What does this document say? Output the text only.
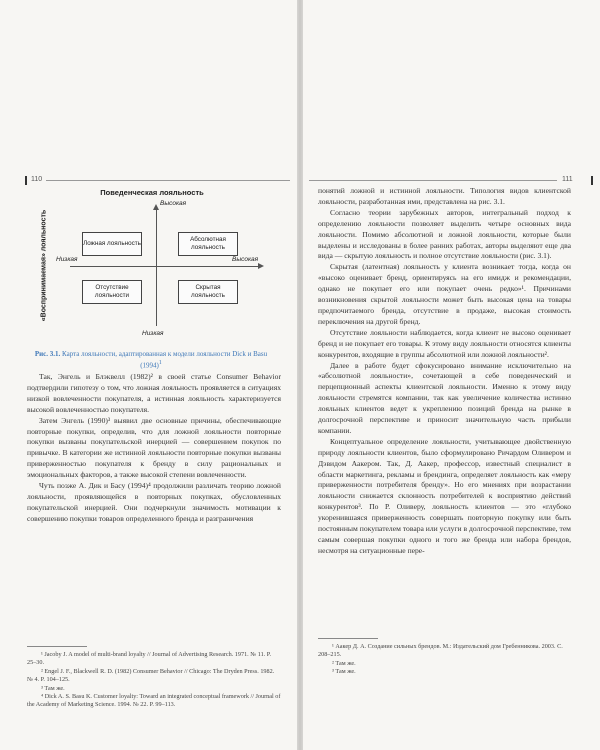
110
Поведенческая лояльность
Высокая
Низкая
Низкая	Высокая
«Воспринимаемая» лояльность	Ложная лояльность
Абсолютная лояльность
Отсутствие лояльности
Скрытая лояльность
Рис. 3.1. Карта лояльности, адаптированная к модели лояльности Dick и Basu $(1994)^1$

Так, Энгель и Блэквелл (1982)² в своей статье Consumer Behavior подтвердили гипотезу о том, что ложная лояльность проявляется в ситуациях низкой вовлеченности покупателя, а истинная лояльность характеризуется высокой вовлеченностью покупателя.

Затем Энгель (1990)³ выявил две основные причины, обеспечивающие повторные покупки, определив, что для ложной лояльности повторные покупки вызваны покупательской инерцией — совершением покупок по привычке. В категории же истинной лояльности повторные покупки вызваны приверженностью покупателя к бренду в силу рациональных и эмоциональных факторов, а также высокой степени вовлеченности.

Чуть позже А. Дик и Басу (1994)⁴ продолжили различать теорию ложной лояльности, проявляющейся в повторных покупках, обусловленных покупательской инерцией. Они подчеркнули значимость мотивации к совершению покупки товаров определенного бренда и разграничения

¹ Jacoby J. A model of multi-brand loyalty // Journal of Advertising Research. 1971. № 11. P. 25–30.

² Engel J. F., Blackwell R. D. (1982) Consumer Behavior // Chicago: The Dryden Press. 1982. № 4. P. 104–125.

³ Там же.

⁴ Dick A. S. Basu K. Customer loyalty: Toward an integrated conceptual framework // Journal of the Academy of Marketing Science. 1994. № 22. P. 99–113.

111

понятий ложной и истинной лояльности. Типология видов клиентской лояльности, разработанная ими, представлена на рис. 3.1.

Согласно теории зарубежных авторов, интегральный подход к определению лояльности позволяет выделить четыре основных вида лояльности. Помимо абсолютной и ложной лояльности, которые были выделены и исследованы в более ранних работах, авторы выделяют еще два вида — скрытую лояльность и полное отсутствие лояльности (рис. 3.1).

Скрытая (латентная) лояльность у клиента возникает тогда, когда он «высоко оценивает бренд, ориентируясь на его имидж и рекомендации, однако не покупает его или покупает очень редко»¹. Причинами возникновения скрытой лояльности может быть высокая цена на товары предпочитаемого бренда, отсутствие в продаже, высокая стоимость переключения на другой бренд.

Отсутствие лояльности наблюдается, когда клиент не высоко оценивает бренд и не покупает его товары. К этому виду лояльности относятся клиенты конкурентов, входящие в группы абсолютной или ложной лояльности².

Далее в работе будет сфокусировано внимание исключительно на «абсолютной лояльности», сочетающей в себе поведенческий и перцепционный аспекты клиентской лояльности. Именно к этому виду лояльности стремятся компании, так как увеличение количества истинно лояльных клиентов ведет к укреплению позиций бренда на рынке в долгосрочной перспективе и приносит значительную часть прибыли компании.

Концептуальное определение лояльности, учитывающее двойственную природу лояльности клиентов, было сформулировано Ричардом Оливером и Дэвидом Аакером. Так, Д. Аакер, профессор, известный специалист в области маркетинга, рекламы и брендинга, определяет лояльность как «меру приверженности потребителя бренду». Но его мнениях при возрастании лояльности снижается склонность потребителей к восприятию действий конкурентов³. По Р. Оливеру, лояльность клиентов — это «глубоко укоренившаяся приверженность совершать повторную покупку или быть постоянным покупателем товара или услуги в долгосрочной перспективе, тем самым совершая покупки одного и того же бренда или набора брендов, несмотря на ситуационные пере-

¹ Аакер Д. А. Создание сильных брендов. М.: Издательский дом Гребенникова. 2003. С. 208–215.

² Там же.

³ Там же.
